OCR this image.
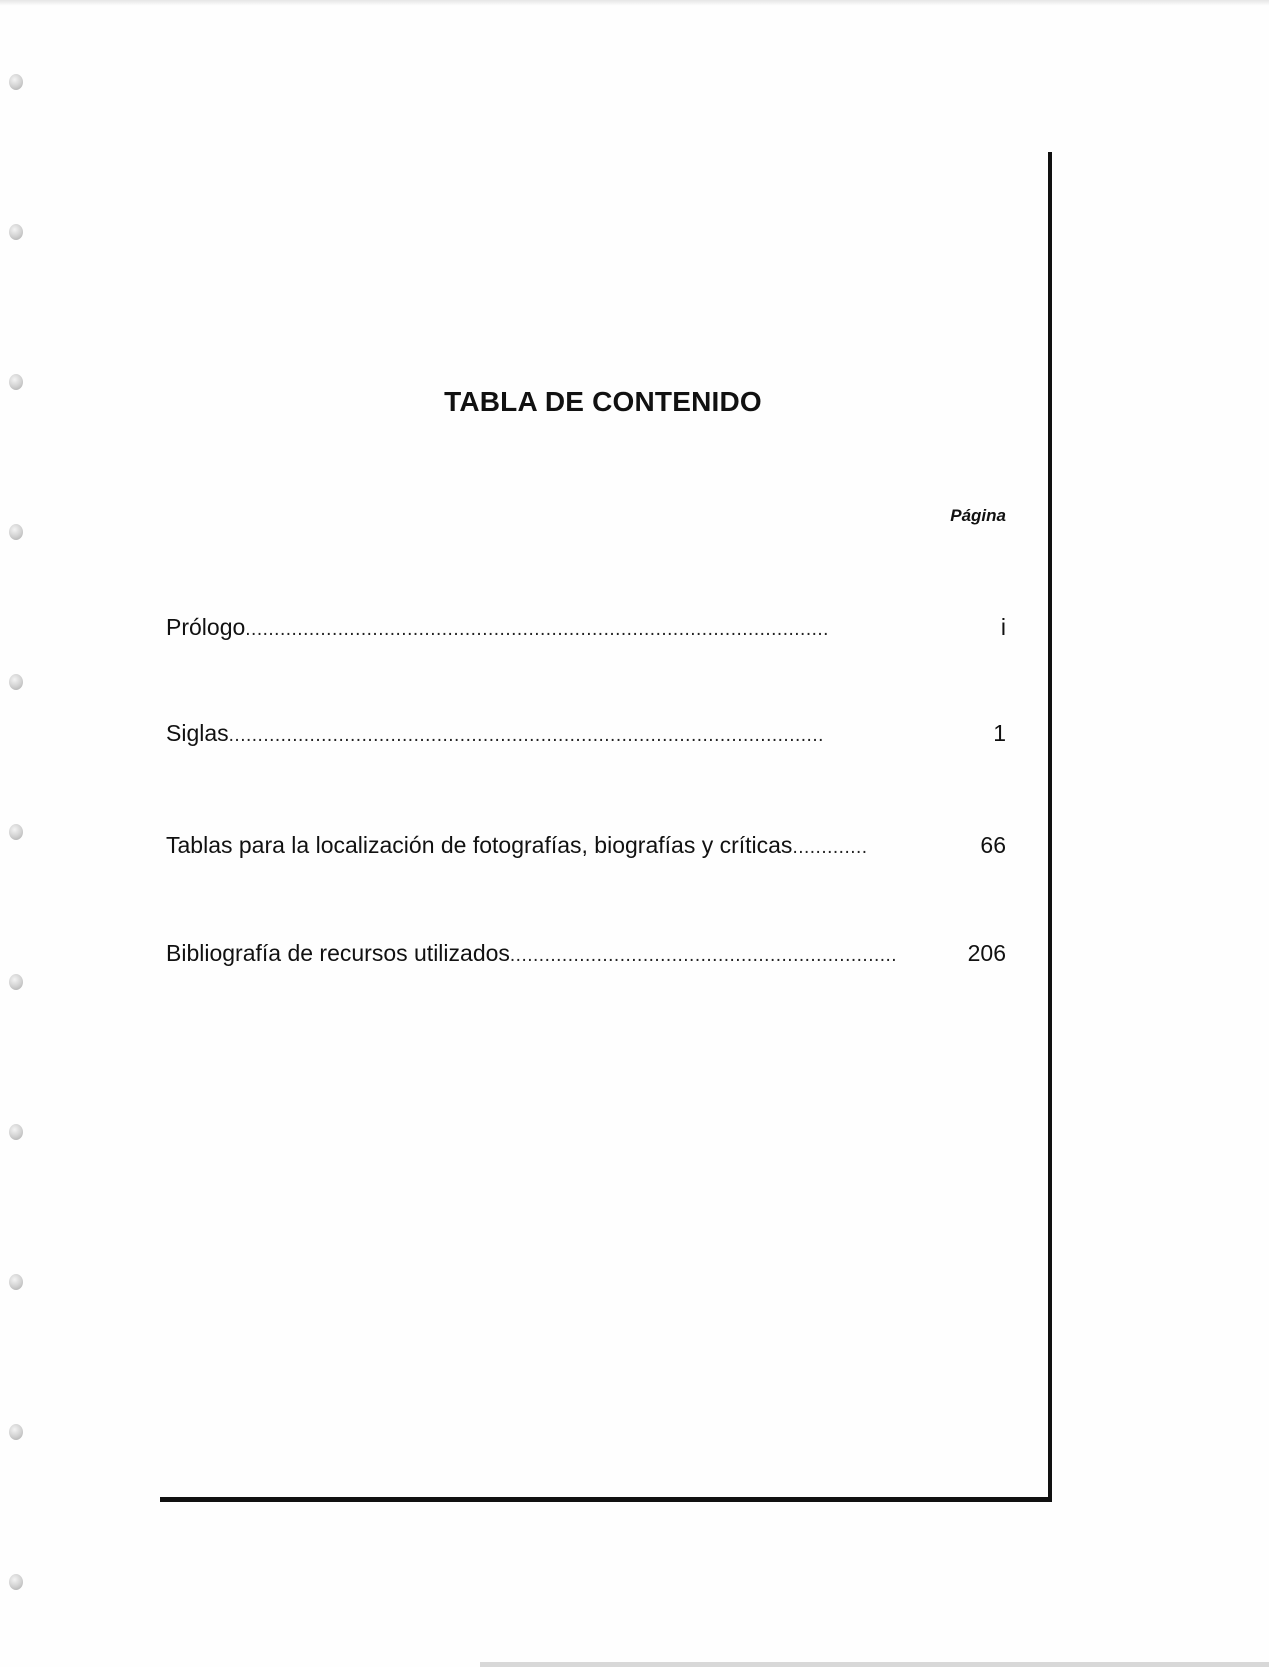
TABLA DE CONTENIDO
Página
Prólogo .....................................................................................................	i
Siglas .......................................................................................................	1
Tablas para la localización de fotografías, biografías y críticas .............	66
Bibliografía de recursos utilizados ...................................................................	206
